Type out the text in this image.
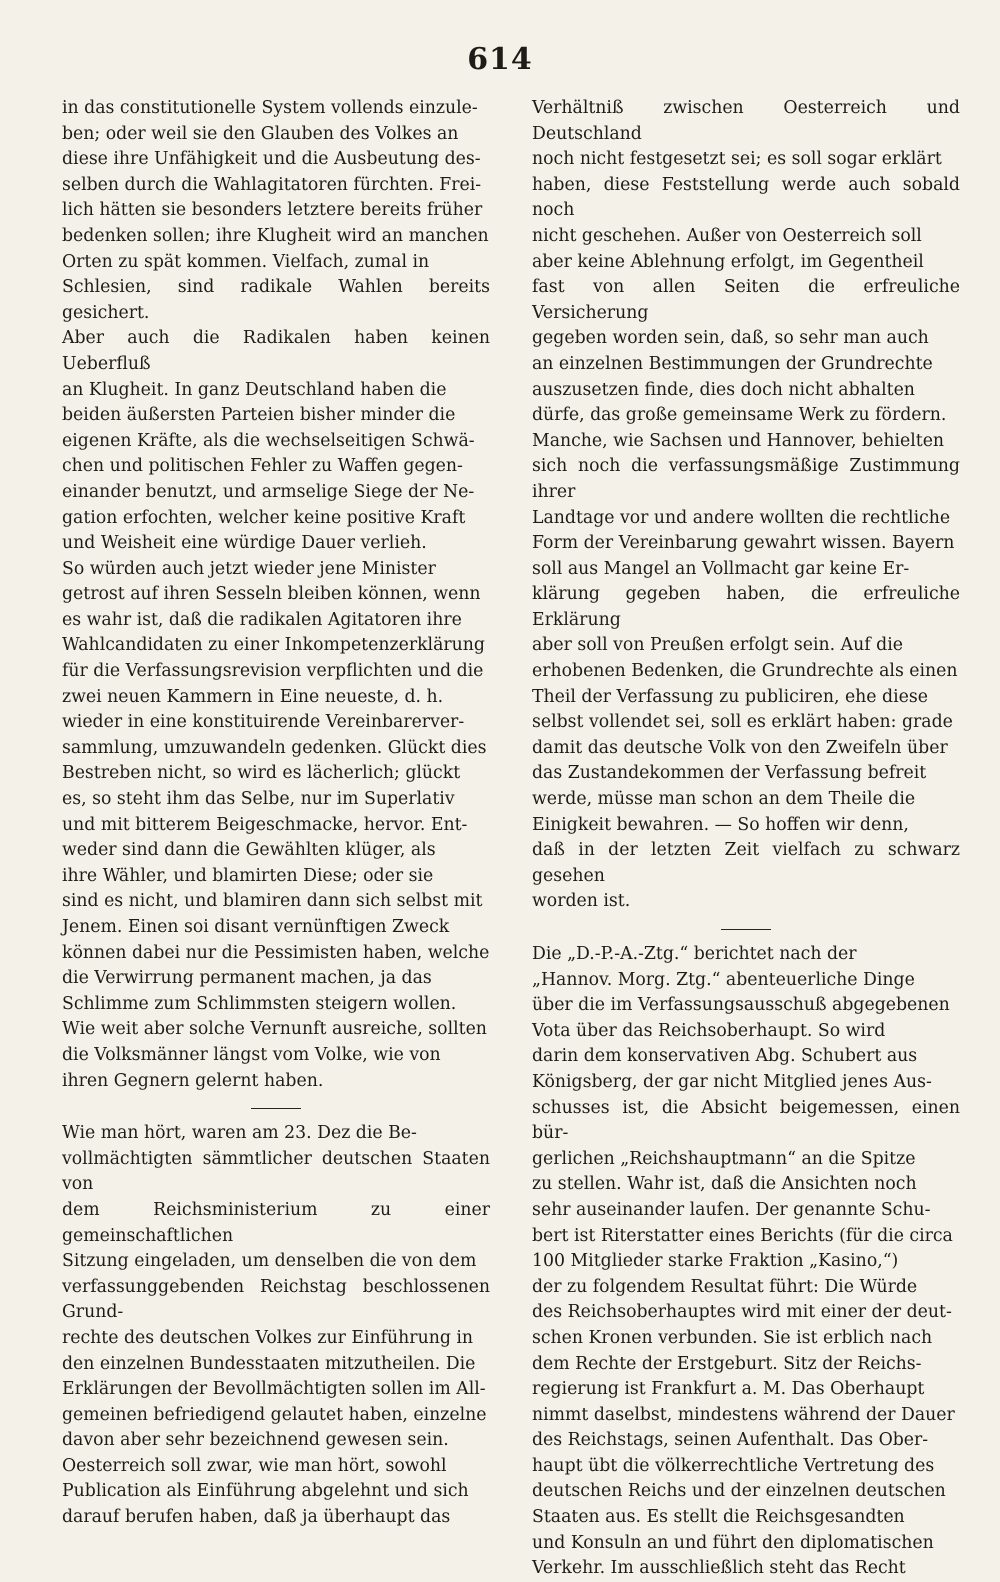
614

in das constitutionelle System vollends einzule-
ben; oder weil sie den Glauben des Volkes an
diese ihre Unfähigkeit und die Ausbeutung des-
selben durch die Wahlagitatoren fürchten. Frei-
lich hätten sie besonders letztere bereits früher
bedenken sollen; ihre Klugheit wird an manchen
Orten zu spät kommen. Vielfach, zumal in
Schlesien, sind radikale Wahlen bereits gesichert.
Aber auch die Radikalen haben keinen Ueberfluß
an Klugheit. In ganz Deutschland haben die
beiden äußersten Parteien bisher minder die
eigenen Kräfte, als die wechselseitigen Schwä-
chen und politischen Fehler zu Waffen gegen-
einander benutzt, und armselige Siege der Ne-
gation erfochten, welcher keine positive Kraft
und Weisheit eine würdige Dauer verlieh.
So würden auch jetzt wieder jene Minister
getrost auf ihren Sesseln bleiben können, wenn
es wahr ist, daß die radikalen Agitatoren ihre
Wahlcandidaten zu einer Inkompetenzerklärung
für die Verfassungsrevision verpflichten und die
zwei neuen Kammern in Eine neueste, d. h.
wieder in eine konstituirende Vereinbarerver-
sammlung, umzuwandeln gedenken. Glückt dies
Bestreben nicht, so wird es lächerlich; glückt
es, so steht ihm das Selbe, nur im Superlativ
und mit bitterem Beigeschmacke, hervor. Ent-
weder sind dann die Gewählten klüger, als
ihre Wähler, und blamirten Diese; oder sie
sind es nicht, und blamiren dann sich selbst mit
Jenem. Einen soi disant vernünftigen Zweck
können dabei nur die Pessimisten haben, welche
die Verwirrung permanent machen, ja das
Schlimme zum Schlimmsten steigern wollen.
Wie weit aber solche Vernunft ausreiche, sollten
die Volksmänner längst vom Volke, wie von
ihren Gegnern gelernt haben.

Wie man hört, waren am 23. Dez die Be-
vollmächtigten sämmtlicher deutschen Staaten von
dem Reichsministerium zu einer gemeinschaftlichen
Sitzung eingeladen, um denselben die von dem
verfassunggebenden Reichstag beschlossenen Grund-
rechte des deutschen Volkes zur Einführung in
den einzelnen Bundesstaaten mitzutheilen. Die
Erklärungen der Bevollmächtigten sollen im All-
gemeinen befriedigend gelautet haben, einzelne
davon aber sehr bezeichnend gewesen sein.
Oesterreich soll zwar, wie man hört, sowohl
Publication als Einführung abgelehnt und sich
darauf berufen haben, daß ja überhaupt das

Verhältniß zwischen Oesterreich und Deutschland
noch nicht festgesetzt sei; es soll sogar erklärt
haben, diese Feststellung werde auch sobald noch
nicht geschehen. Außer von Oesterreich soll
aber keine Ablehnung erfolgt, im Gegentheil
fast von allen Seiten die erfreuliche Versicherung
gegeben worden sein, daß, so sehr man auch
an einzelnen Bestimmungen der Grundrechte
auszusetzen finde, dies doch nicht abhalten
dürfe, das große gemeinsame Werk zu fördern.
Manche, wie Sachsen und Hannover, behielten
sich noch die verfassungsmäßige Zustimmung ihrer
Landtage vor und andere wollten die rechtliche
Form der Vereinbarung gewahrt wissen. Bayern
soll aus Mangel an Vollmacht gar keine Er-
klärung gegeben haben, die erfreuliche Erklärung
aber soll von Preußen erfolgt sein. Auf die
erhobenen Bedenken, die Grundrechte als einen
Theil der Verfassung zu publiciren, ehe diese
selbst vollendet sei, soll es erklärt haben: grade
damit das deutsche Volk von den Zweifeln über
das Zustandekommen der Verfassung befreit
werde, müsse man schon an dem Theile die
Einigkeit bewahren. — So hoffen wir denn,
daß in der letzten Zeit vielfach zu schwarz gesehen
worden ist.

Die „D.-P.-A.-Ztg.“ berichtet nach der
„Hannov. Morg. Ztg.“ abenteuerliche Dinge
über die im Verfassungsausschuß abgegebenen
Vota über das Reichsoberhaupt. So wird
darin dem konservativen Abg. Schubert aus
Königsberg, der gar nicht Mitglied jenes Aus-
schusses ist, die Absicht beigemessen, einen bür-
gerlichen „Reichshauptmann“ an die Spitze
zu stellen. Wahr ist, daß die Ansichten noch
sehr auseinander laufen. Der genannte Schu-
bert ist Riterstatter eines Berichts (für die circa
100 Mitglieder starke Fraktion „Kasino,“)
der zu folgendem Resultat führt: Die Würde
des Reichsoberhauptes wird mit einer der deut-
schen Kronen verbunden. Sie ist erblich nach
dem Rechte der Erstgeburt. Sitz der Reichs-
regierung ist Frankfurt a. M. Das Oberhaupt
nimmt daselbst, mindestens während der Dauer
des Reichstags, seinen Aufenthalt. Das Ober-
haupt übt die völkerrechtliche Vertretung des
deutschen Reichs und der einzelnen deutschen
Staaten aus. Es stellt die Reichsgesandten
und Konsuln an und führt den diplomatischen
Verkehr. Im ausschließlich steht das Recht
